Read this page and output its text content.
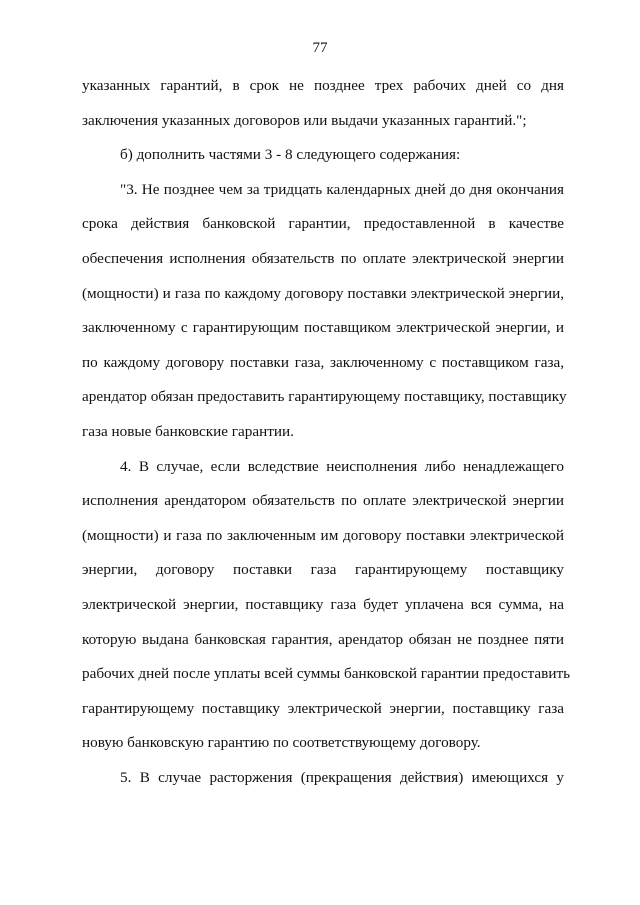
77
указанных гарантий, в срок не позднее трех рабочих дней со дня
заключения указанных договоров или выдачи указанных гарантий.";
б) дополнить частями 3 - 8 следующего содержания:
"3. Не позднее чем за тридцать календарных дней до дня окончания
срока действия банковской гарантии, предоставленной в качестве
обеспечения исполнения обязательств по оплате электрической энергии
(мощности) и газа по каждому договору поставки электрической энергии,
заключенному с гарантирующим поставщиком электрической энергии, и
по каждому договору поставки газа, заключенному с поставщиком газа,
арендатор обязан предоставить гарантирующему поставщику, поставщику
газа новые банковские гарантии.
4. В случае, если вследствие неисполнения либо ненадлежащего
исполнения арендатором обязательств по оплате электрической энергии
(мощности) и газа по заключенным им договору поставки электрической
энергии, договору поставки газа гарантирующему поставщику
электрической энергии, поставщику газа будет уплачена вся сумма, на
которую выдана банковская гарантия, арендатор обязан не позднее пяти
рабочих дней после уплаты всей суммы банковской гарантии предоставить
гарантирующему поставщику электрической энергии, поставщику газа
новую банковскую гарантию по соответствующему договору.
5. В случае расторжения (прекращения действия) имеющихся у
